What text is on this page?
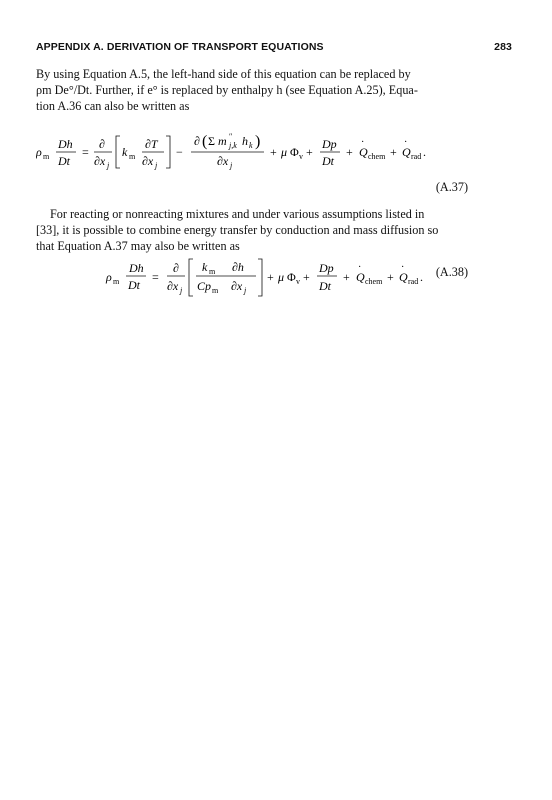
APPENDIX A. DERIVATION OF TRANSPORT EQUATIONS	283

By using Equation A.5, the left-hand side of this equation can be replaced by

ρm De°/Dt. Further, if e° is replaced by enthalpy h (see Equation A.25), Equa-

tion A.36 can also be written as

ρ m
Dh
Dt
=
∂
∂x j
k m
∂T
∂x j
−
∂ ( Σ m ″
j,k h k )
∂x j
+ μ Φ v +
Dp
Dt
+ Q
·
chem + Q
·
rad .
(A.37)

For reacting or nonreacting mixtures and under various assumptions listed in

[33], it is possible to combine energy transfer by conduction and mass diffusion so

that Equation A.37 may also be written as

ρ m
Dh
Dt
=
∂
∂x j
k m ∂h
Cp m ∂x j
+ μ Φ v +
Dp
Dt
+ Q
·
chem + Q
·
rad . (A.38)
